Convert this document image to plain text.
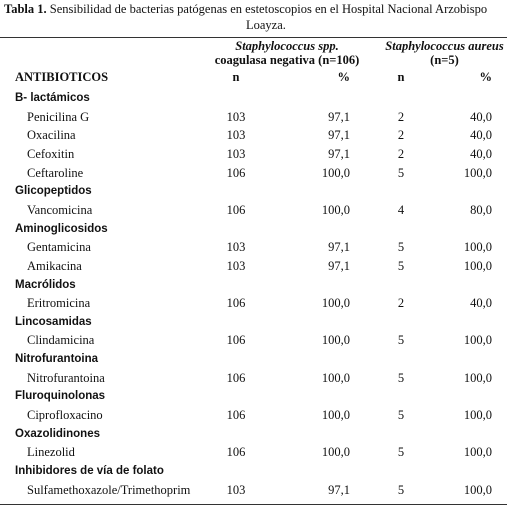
Tabla 1. Sensibilidad de bacterias patógenas en estetoscopios en el Hospital Nacional Arzobispo
Loayza.
Staphylococcus spp.
coagulasa negativa (n=106)
Staphylococcus aureus
(n=5)
ANTIBIOTICOS	n	%	n	%
B- lactámicos
Penicilina G	103	97,1	2	40,0
Oxacilina	103	97,1	2	40,0
Cefoxitin	103	97,1	2	40,0
Ceftaroline	106	100,0	5	100,0
Glicopeptidos
Vancomicina	106	100,0	4	80,0
Aminoglicosidos
Gentamicina	103	97,1	5	100,0
Amikacina	103	97,1	5	100,0
Macrólidos
Eritromicina	106	100,0	2	40,0
Lincosamidas
Clindamicina	106	100,0	5	100,0
Nitrofurantoina
Nitrofurantoina	106	100,0	5	100,0
Fluroquinolonas
Ciprofloxacino	106	100,0	5	100,0
Oxazolidinones
Linezolid	106	100,0	5	100,0
Inhibidores de vía de folato
Sulfamethoxazole/Trimethoprim	103	97,1	5	100,0
